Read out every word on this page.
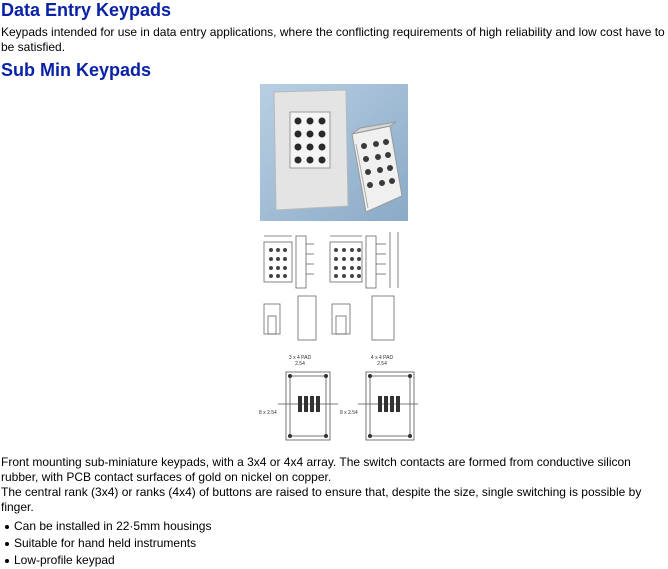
Data Entry Keypads

Keypads intended for use in data entry applications, where the conflicting requirements of high reliability and low cost have to be satisfied.

Sub Min Keypads
3 x 4 PAD
2.54
4 x 4 PAD
2.54
8 x 2.54	8 x 2.54

Front mounting sub-miniature keypads, with a 3x4 or 4x4 array. The switch contacts are formed from conductive silicon rubber, with PCB contact surfaces of gold on nickel on copper.

The central rank (3x4) or ranks (4x4) of buttons are raised to ensure that, despite the size, single switching is possible by finger.

Can be installed in 22·5mm housings
Suitable for hand held instruments
Low-profile keypad
